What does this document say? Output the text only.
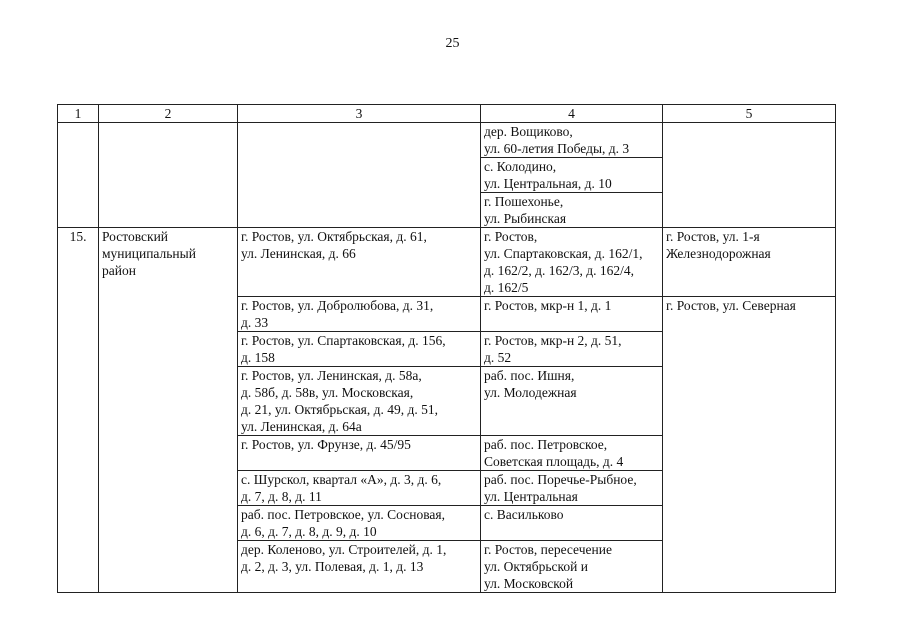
25
1	2	3	4	5
			дер. Вощиково,
ул. 60-летия Победы, д. 3	
			с. Колодино,
ул. Центральная, д. 10	
			г. Пошехонье,
ул. Рыбинская	
15.	Ростовский
муниципальный
район	г. Ростов, ул. Октябрьская, д. 61,
ул. Ленинская, д. 66	г. Ростов,
ул. Спартаковская, д. 162/1,
д. 162/2, д. 162/3, д. 162/4,
д. 162/5	г. Ростов, ул. 1-я
Железнодорожная
		г. Ростов, ул. Добролюбова, д. 31,
д. 33	г. Ростов, мкр-н 1, д. 1	г. Ростов, ул. Северная
		г. Ростов, ул. Спартаковская, д. 156,
д. 158	г. Ростов, мкр-н 2, д. 51,
д. 52	
		г. Ростов, ул. Ленинская, д. 58а,
д. 58б, д. 58в, ул. Московская,
д. 21, ул. Октябрьская, д. 49, д. 51,
ул. Ленинская, д. 64а	раб. пос. Ишня,
ул. Молодежная	
		г. Ростов, ул. Фрунзе, д. 45/95	раб. пос. Петровское,
Советская площадь, д. 4	
		с. Шурскол, квартал «А», д. 3, д. 6,
д. 7, д. 8, д. 11	раб. пос. Поречье-Рыбное,
ул. Центральная	
		раб. пос. Петровское, ул. Сосновая,
д. 6, д. 7, д. 8, д. 9, д. 10	с. Васильково	
		дер. Коленово, ул. Строителей, д. 1,
д. 2, д. 3, ул. Полевая, д. 1, д. 13	г. Ростов, пересечение
ул. Октябрьской и
ул. Московской	
